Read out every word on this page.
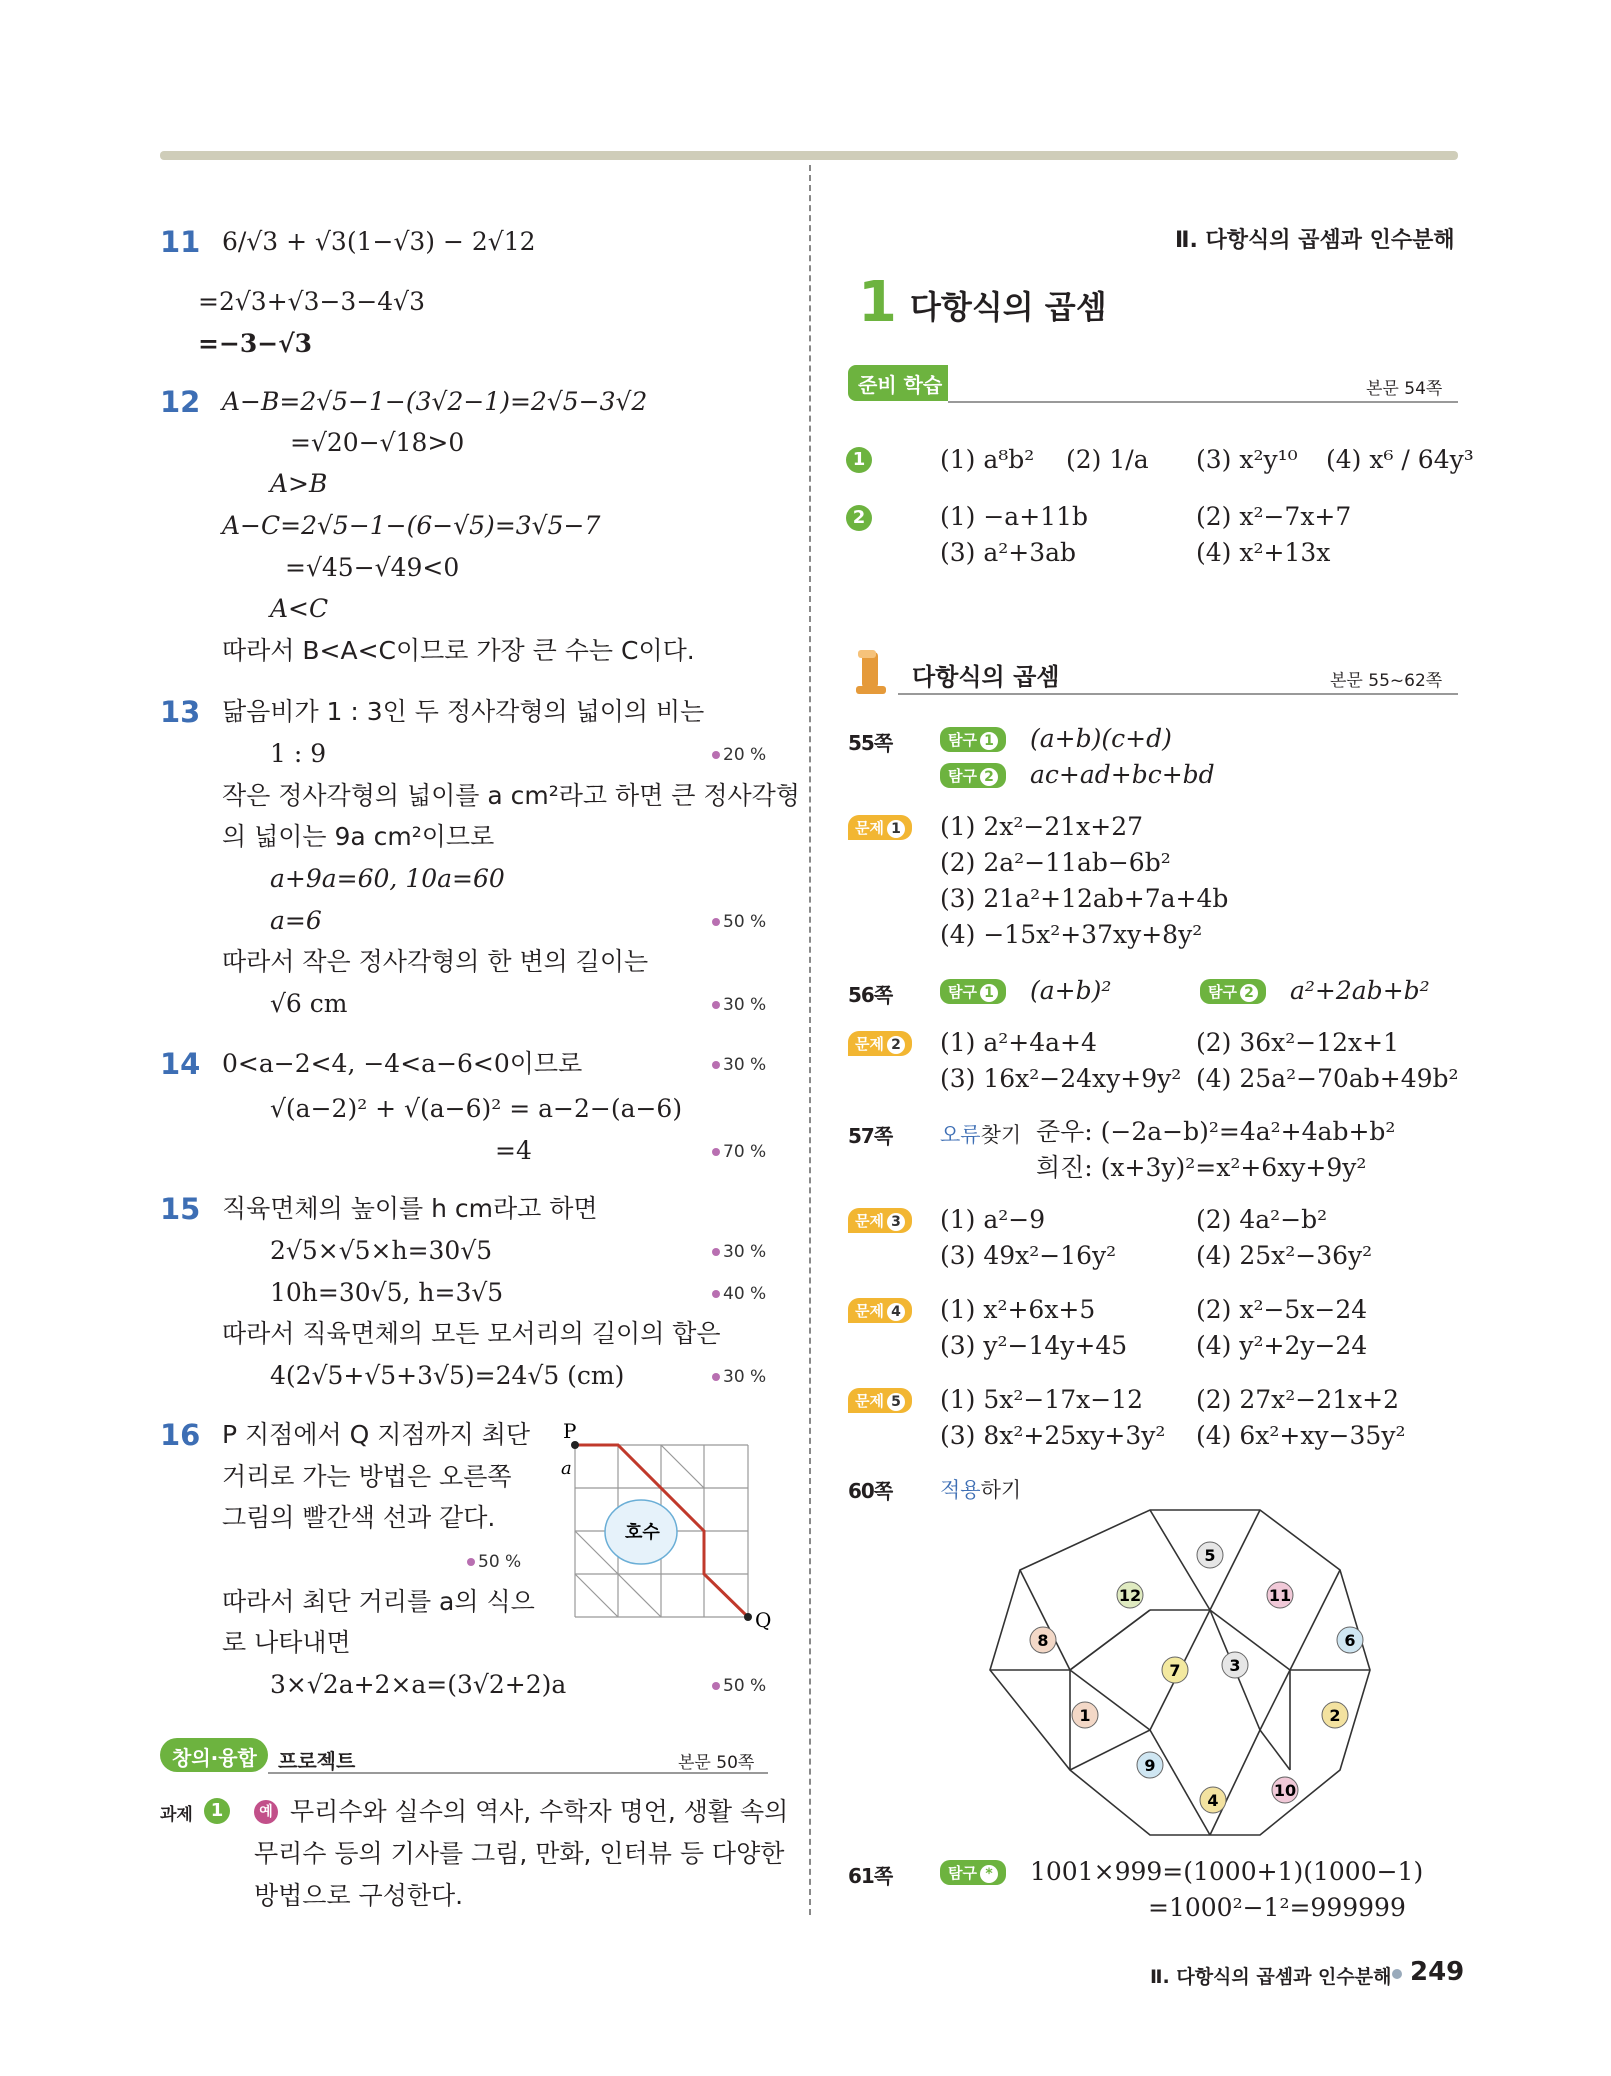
11 6/√3 + √3(1−√3) − 2√12
=2√3+√3−3−4√3
=−3−√3
12 A−B=2√5−1−(3√2−1)=2√5−3√2
=√20−√18>0
A>B
A−C=2√5−1−(6−√5)=3√5−7
=√45−√49<0
A<C
따라서 B<A<C이므로 가장 큰 수는 C이다.
13 닮음비가 1 : 3인 두 정사각형의 넓이의 비는
1 : 9	20 %
작은 정사각형의 넓이를 a cm²라고 하면 큰 정사각형
의 넓이는 9a cm²이므로
a+9a=60, 10a=60
a=6	50 %
따라서 작은 정사각형의 한 변의 길이는
√6 cm	30 %
14 0<a−2<4, −4<a−6<0이므로	30 %
√(a−2)² + √(a−6)² = a−2−(a−6)
=4	70 %
15 직육면체의 높이를 h cm라고 하면
2√5×√5×h=30√5	30 %
10h=30√5, h=3√5	40 %
따라서 직육면체의 모든 모서리의 길이의 합은
4(2√5+√5+3√5)=24√5 (cm)	30 %
16 P 지점에서 Q 지점까지 최단
거리로 가는 방법은 오른쪽
그림의 빨간색 선과 같다.
50 %
따라서 최단 거리를 a의 식으
로 나타내면
3×√2a+2×a=(3√2+2)a	50 %
P
Q
a
호수
창의·융합 프로젝트	본문 50쪽
과제 1	예 무리수와 실수의 역사, 수학자 명언, 생활 속의
무리수 등의 기사를 그림, 만화, 인터뷰 등 다양한
방법으로 구성한다.
Ⅱ. 다항식의 곱셈과 인수분해
1 다항식의 곱셈
준비 학습	본문 54쪽
1	(1) a⁸b² (2) 1/a (3) x²y¹⁰ (4) x⁶ / 64y³
2	(1) −a+11b	(2) x²−7x+7
(3) a²+3ab	(4) x²+13x
다항식의 곱셈	본문 55~62쪽
55쪽	탐구 1	(a+b)(c+d)
탐구 2	ac+ad+bc+bd
문제 1	(1) 2x²−21x+27
(2) 2a²−11ab−6b²
(3) 21a²+12ab+7a+4b
(4) −15x²+37xy+8y²
56쪽	탐구 1	(a+b)²	탐구 2	a²+2ab+b²
문제 2	(1) a²+4a+4	(2) 36x²−12x+1
(3) 16x²−24xy+9y² (4) 25a²−70ab+49b²
57쪽 오류찾기 준우: (−2a−b)²=4a²+4ab+b²
희진: (x+3y)²=x²+6xy+9y²
문제 3	(1) a²−9	(2) 4a²−b²
(3) 49x²−16y²	(4) 25x²−36y²
문제 4	(1) x²+6x+5	(2) x²−5x−24
(3) y²−14y+45	(4) y²+2y−24
문제 5	(1) 5x²−17x−12 (2) 27x²−21x+2
(3) 8x²+25xy+3y² (4) 6x²+xy−35y²
60쪽 적용하기
5
11
6
2
10
4
9
1
8
12
7	3
61쪽	탐구 *	1001×999=(1000+1)(1000−1)
=1000²−1²=999999
Ⅱ. 다항식의 곱셈과 인수분해 249
